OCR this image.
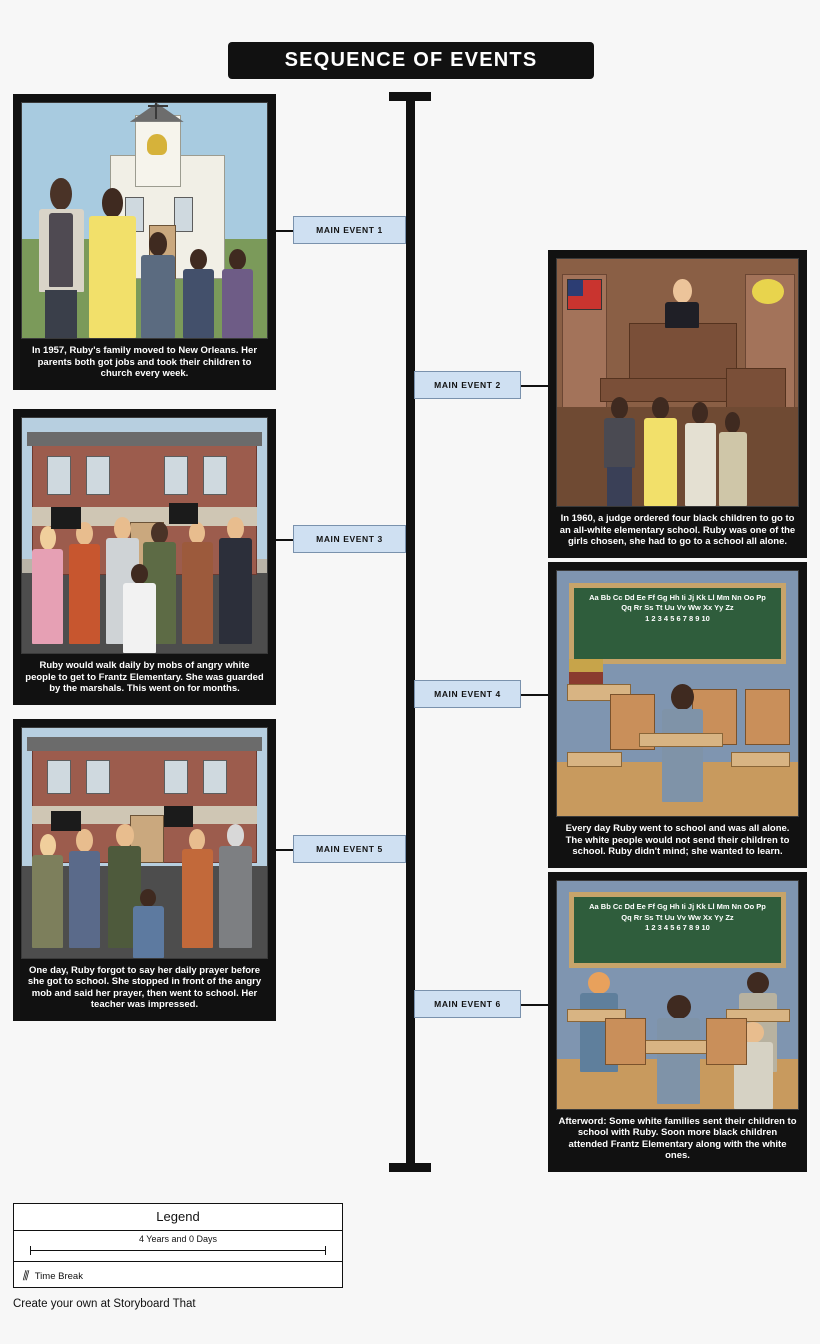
SEQUENCE OF EVENTS
MAIN EVENT 1
MAIN EVENT 2
MAIN EVENT 3
MAIN EVENT 4
MAIN EVENT 5
MAIN EVENT 6
In 1957, Ruby's family moved to New Orleans. Her parents both got jobs and took their children to church every week.
Ruby would walk daily by mobs of angry white people to get to Frantz Elementary. She was guarded by the marshals. This went on for months.
One day, Ruby forgot to say her daily prayer before she got to school. She stopped in front of the angry mob and said her prayer, then went to school. Her teacher was impressed.
In 1960, a judge ordered four black children to go to an all-white elementary school. Ruby was one of the girls chosen, she had to go to a school all alone.
Aa Bb Cc Dd Ee Ff Gg Hh Ii Jj Kk Ll Mm Nn Oo Pp
Qq Rr Ss Tt Uu Vv Ww Xx Yy Zz
1 2 3 4 5 6 7 8 9 10
Every day Ruby went to school and was all alone. The white people would not send their children to school. Ruby didn't mind; she wanted to learn.
Aa Bb Cc Dd Ee Ff Gg Hh Ii Jj Kk Ll Mm Nn Oo Pp
Qq Rr Ss Tt Uu Vv Ww Xx Yy Zz
1 2 3 4 5 6 7 8 9 10
Afterword: Some white families sent their children to school with Ruby. Soon more black children attended Frantz Elementary along with the white ones.
Legend
4 Years and 0 Days
⦀ Time Break
Create your own at Storyboard That
